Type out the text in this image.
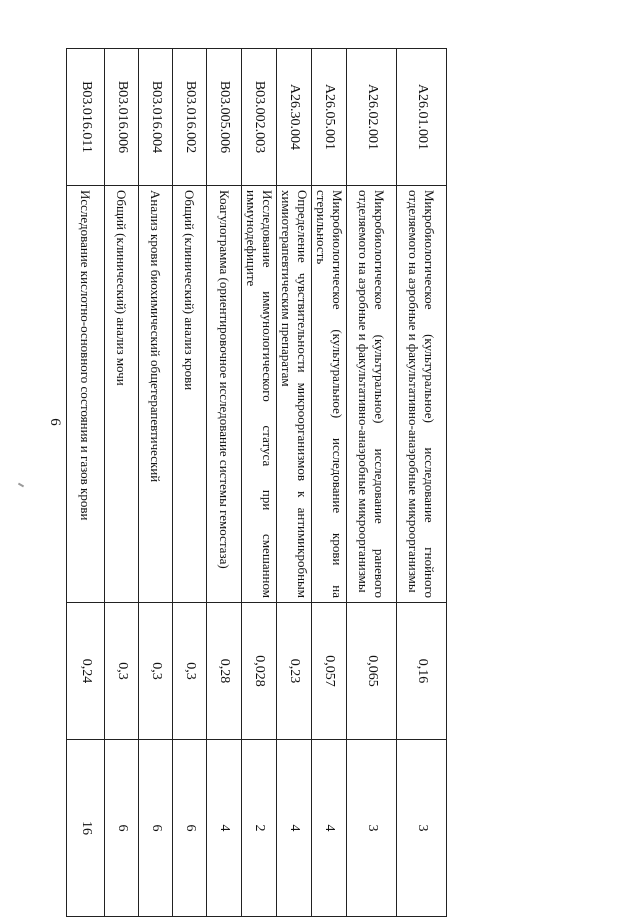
6
A26.01.001	Микробиологическое (культуральное) исследование гнойного отделяемого на аэробные и факультативно-анаэробные микроорганизмы	0,16	3
A26.02.001	Микробиологическое (культуральное) исследование раневого отделяемого на аэробные и факультативно-анаэробные микроорганизмы	0,065	3
A26.05.001	Микробиологическое (культуральное) исследование крови на стерильность	0,057	4
A26.30.004	Определение чувствительности микроорганизмов к антимикробным химиотерапевтическим препаратам	0,23	4
B03.002.003	Исследование иммунологического статуса при смешанном иммунодефиците	0,028	2
B03.005.006	Коагулограмма (ориентировочное исследование системы гемостаза)	0,28	4
B03.016.002	Общий (клинический) анализ крови	0,3	6
B03.016.004	Анализ крови биохимический общетерапевтический	0,3	6
B03.016.006	Общий (клинический) анализ мочи	0,3	6
B03.016.011	Исследование кислотно-основного состояния и газов крови	0,24	16
